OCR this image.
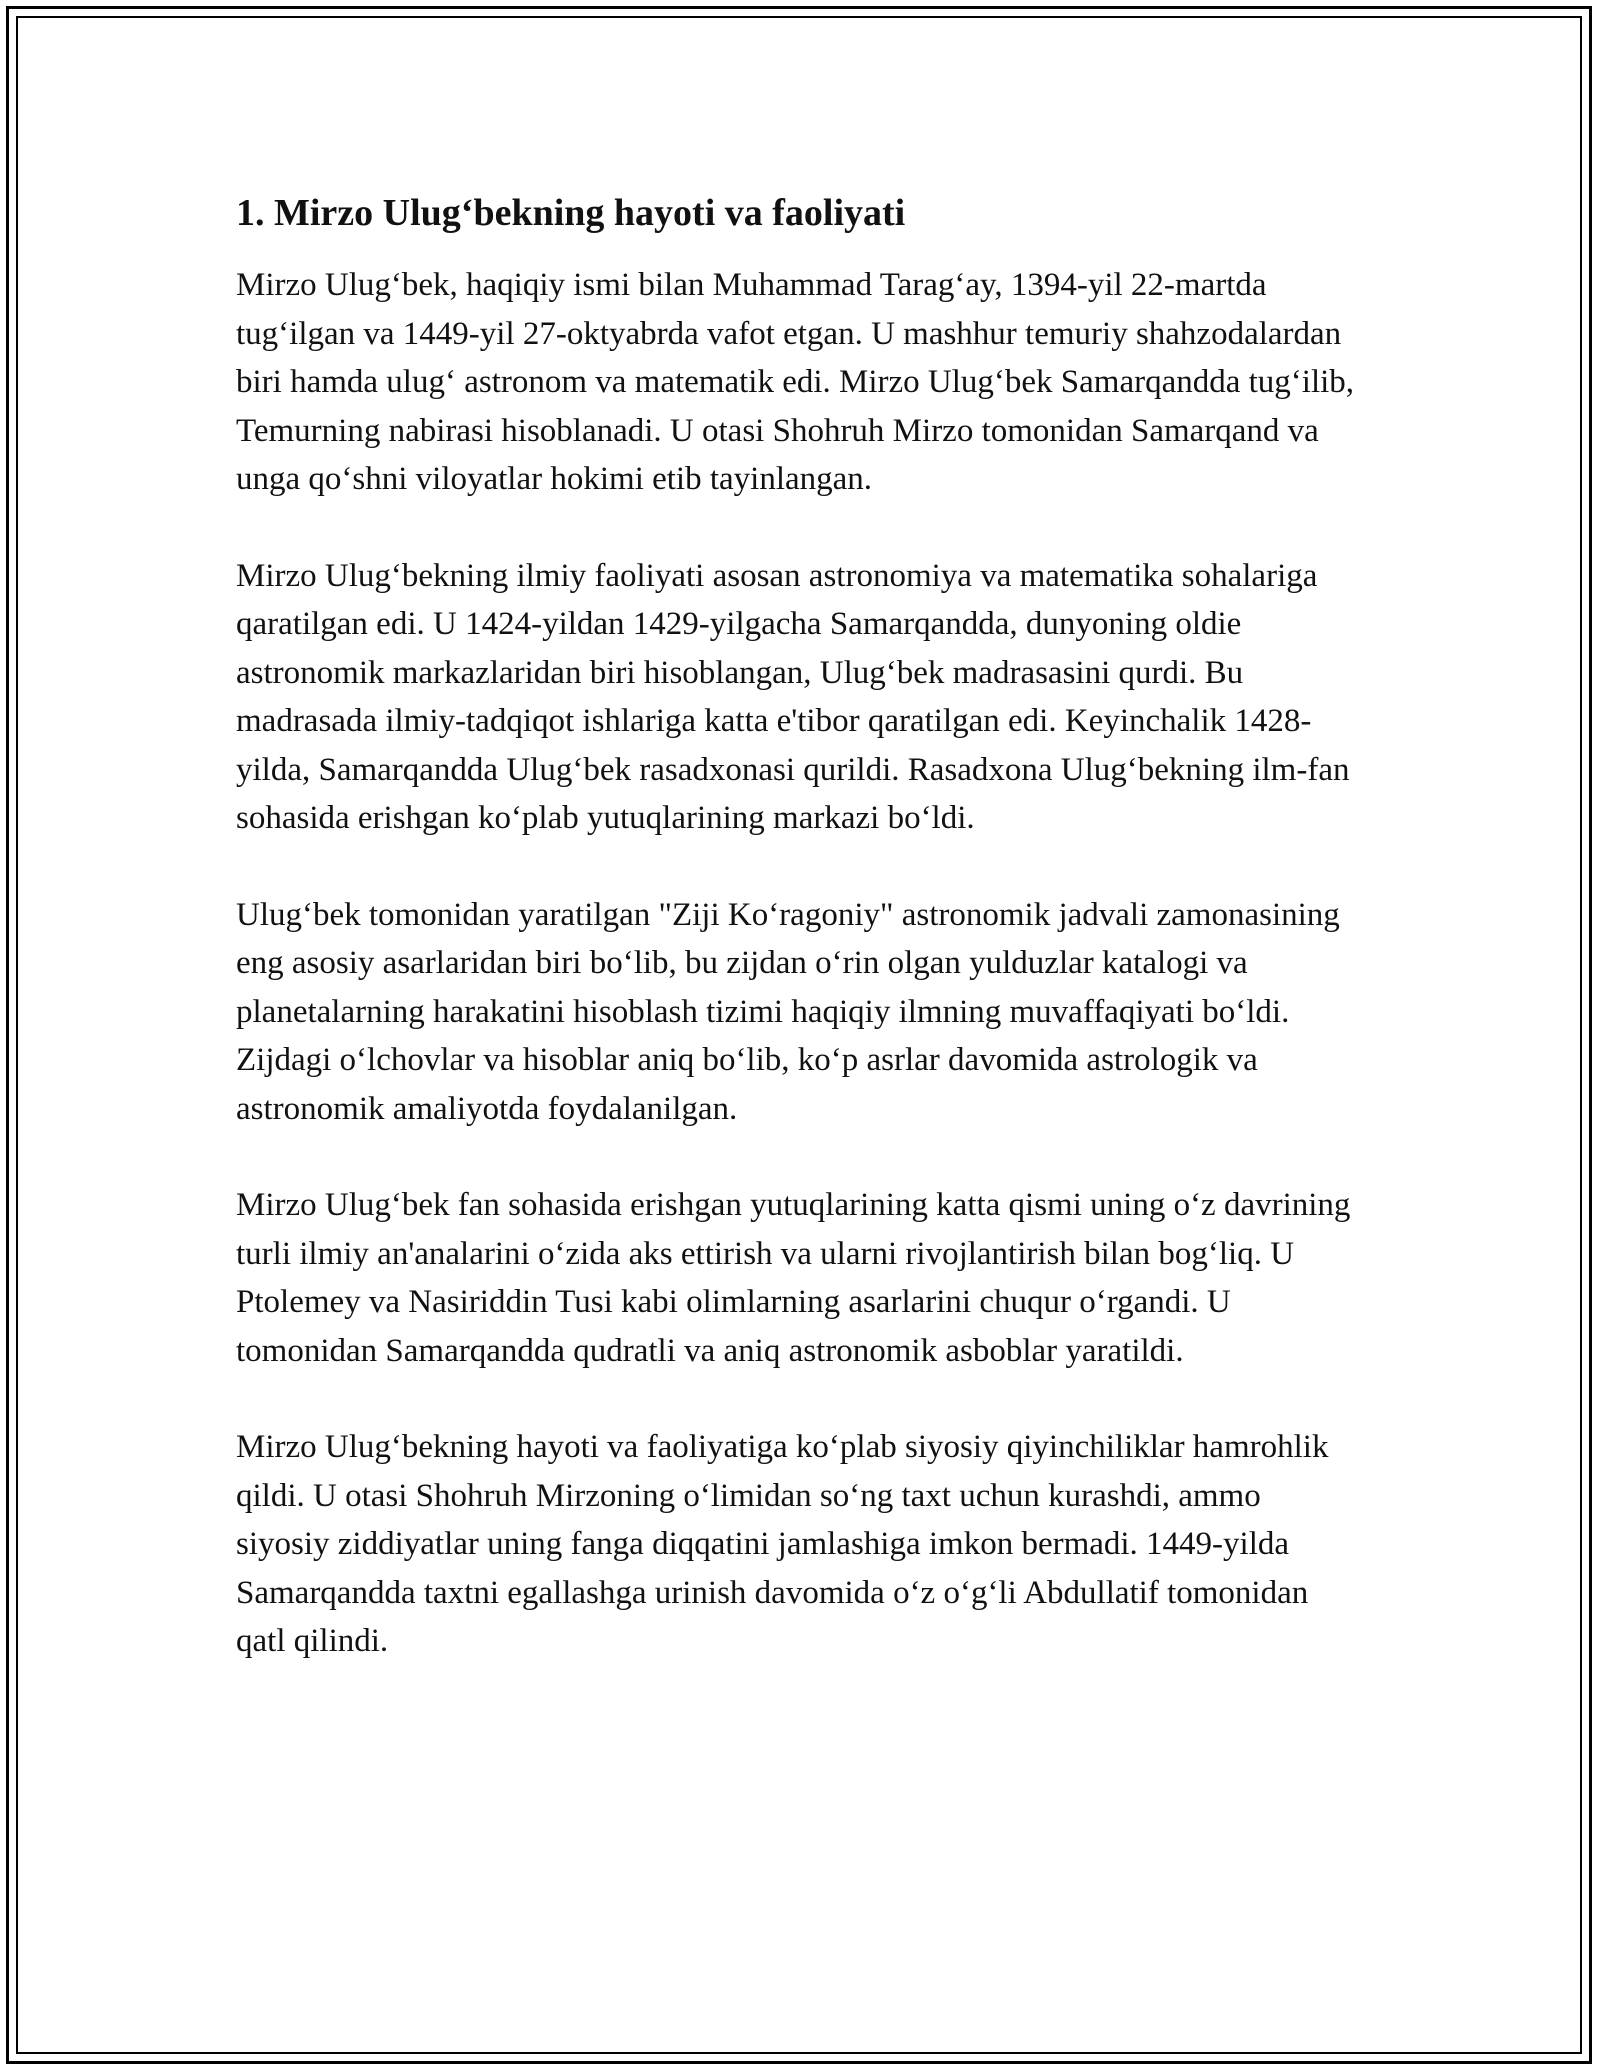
1. Mirzo Ulug‘bekning hayoti va faoliyati

Mirzo Ulug‘bek, haqiqiy ismi bilan Muhammad Tarag‘ay, 1394-yil 22-martda tug‘ilgan va 1449-yil 27-oktyabrda vafot etgan. U mashhur temuriy shahzodalardan biri hamda ulug‘ astronom va matematik edi. Mirzo Ulug‘bek Samarqandda tug‘ilib, Temurning nabirasi hisoblanadi. U otasi Shohruh Mirzo tomonidan Samarqand va unga qo‘shni viloyatlar hokimi etib tayinlangan.

Mirzo Ulug‘bekning ilmiy faoliyati asosan astronomiya va matematika sohalariga qaratilgan edi. U 1424-yildan 1429-yilgacha Samarqandda, dunyoning oldie astronomik markazlaridan biri hisoblangan, Ulug‘bek madrasasini qurdi. Bu madrasada ilmiy-tadqiqot ishlariga katta e'tibor qaratilgan edi. Keyinchalik 1428-yilda, Samarqandda Ulug‘bek rasadxonasi qurildi. Rasadxona Ulug‘bekning ilm-fan sohasida erishgan ko‘plab yutuqlarining markazi bo‘ldi.

Ulug‘bek tomonidan yaratilgan "Ziji Ko‘ragoniy" astronomik jadvali zamonasining eng asosiy asarlaridan biri bo‘lib, bu zijdan o‘rin olgan yulduzlar katalogi va planetalarning harakatini hisoblash tizimi haqiqiy ilmning muvaffaqiyati bo‘ldi. Zijdagi o‘lchovlar va hisoblar aniq bo‘lib, ko‘p asrlar davomida astrologik va astronomik amaliyotda foydalanilgan.

Mirzo Ulug‘bek fan sohasida erishgan yutuqlarining katta qismi uning o‘z davrining turli ilmiy an'analarini o‘zida aks ettirish va ularni rivojlantirish bilan bog‘liq. U Ptolemey va Nasiriddin Tusi kabi olimlarning asarlarini chuqur o‘rgandi. U tomonidan Samarqandda qudratli va aniq astronomik asboblar yaratildi.

Mirzo Ulug‘bekning hayoti va faoliyatiga ko‘plab siyosiy qiyinchiliklar hamrohlik qildi. U otasi Shohruh Mirzoning o‘limidan so‘ng taxt uchun kurashdi, ammo siyosiy ziddiyatlar uning fanga diqqatini jamlashiga imkon bermadi. 1449-yilda Samarqandda taxtni egallashga urinish davomida o‘z o‘g‘li Abdullatif tomonidan qatl qilindi.
